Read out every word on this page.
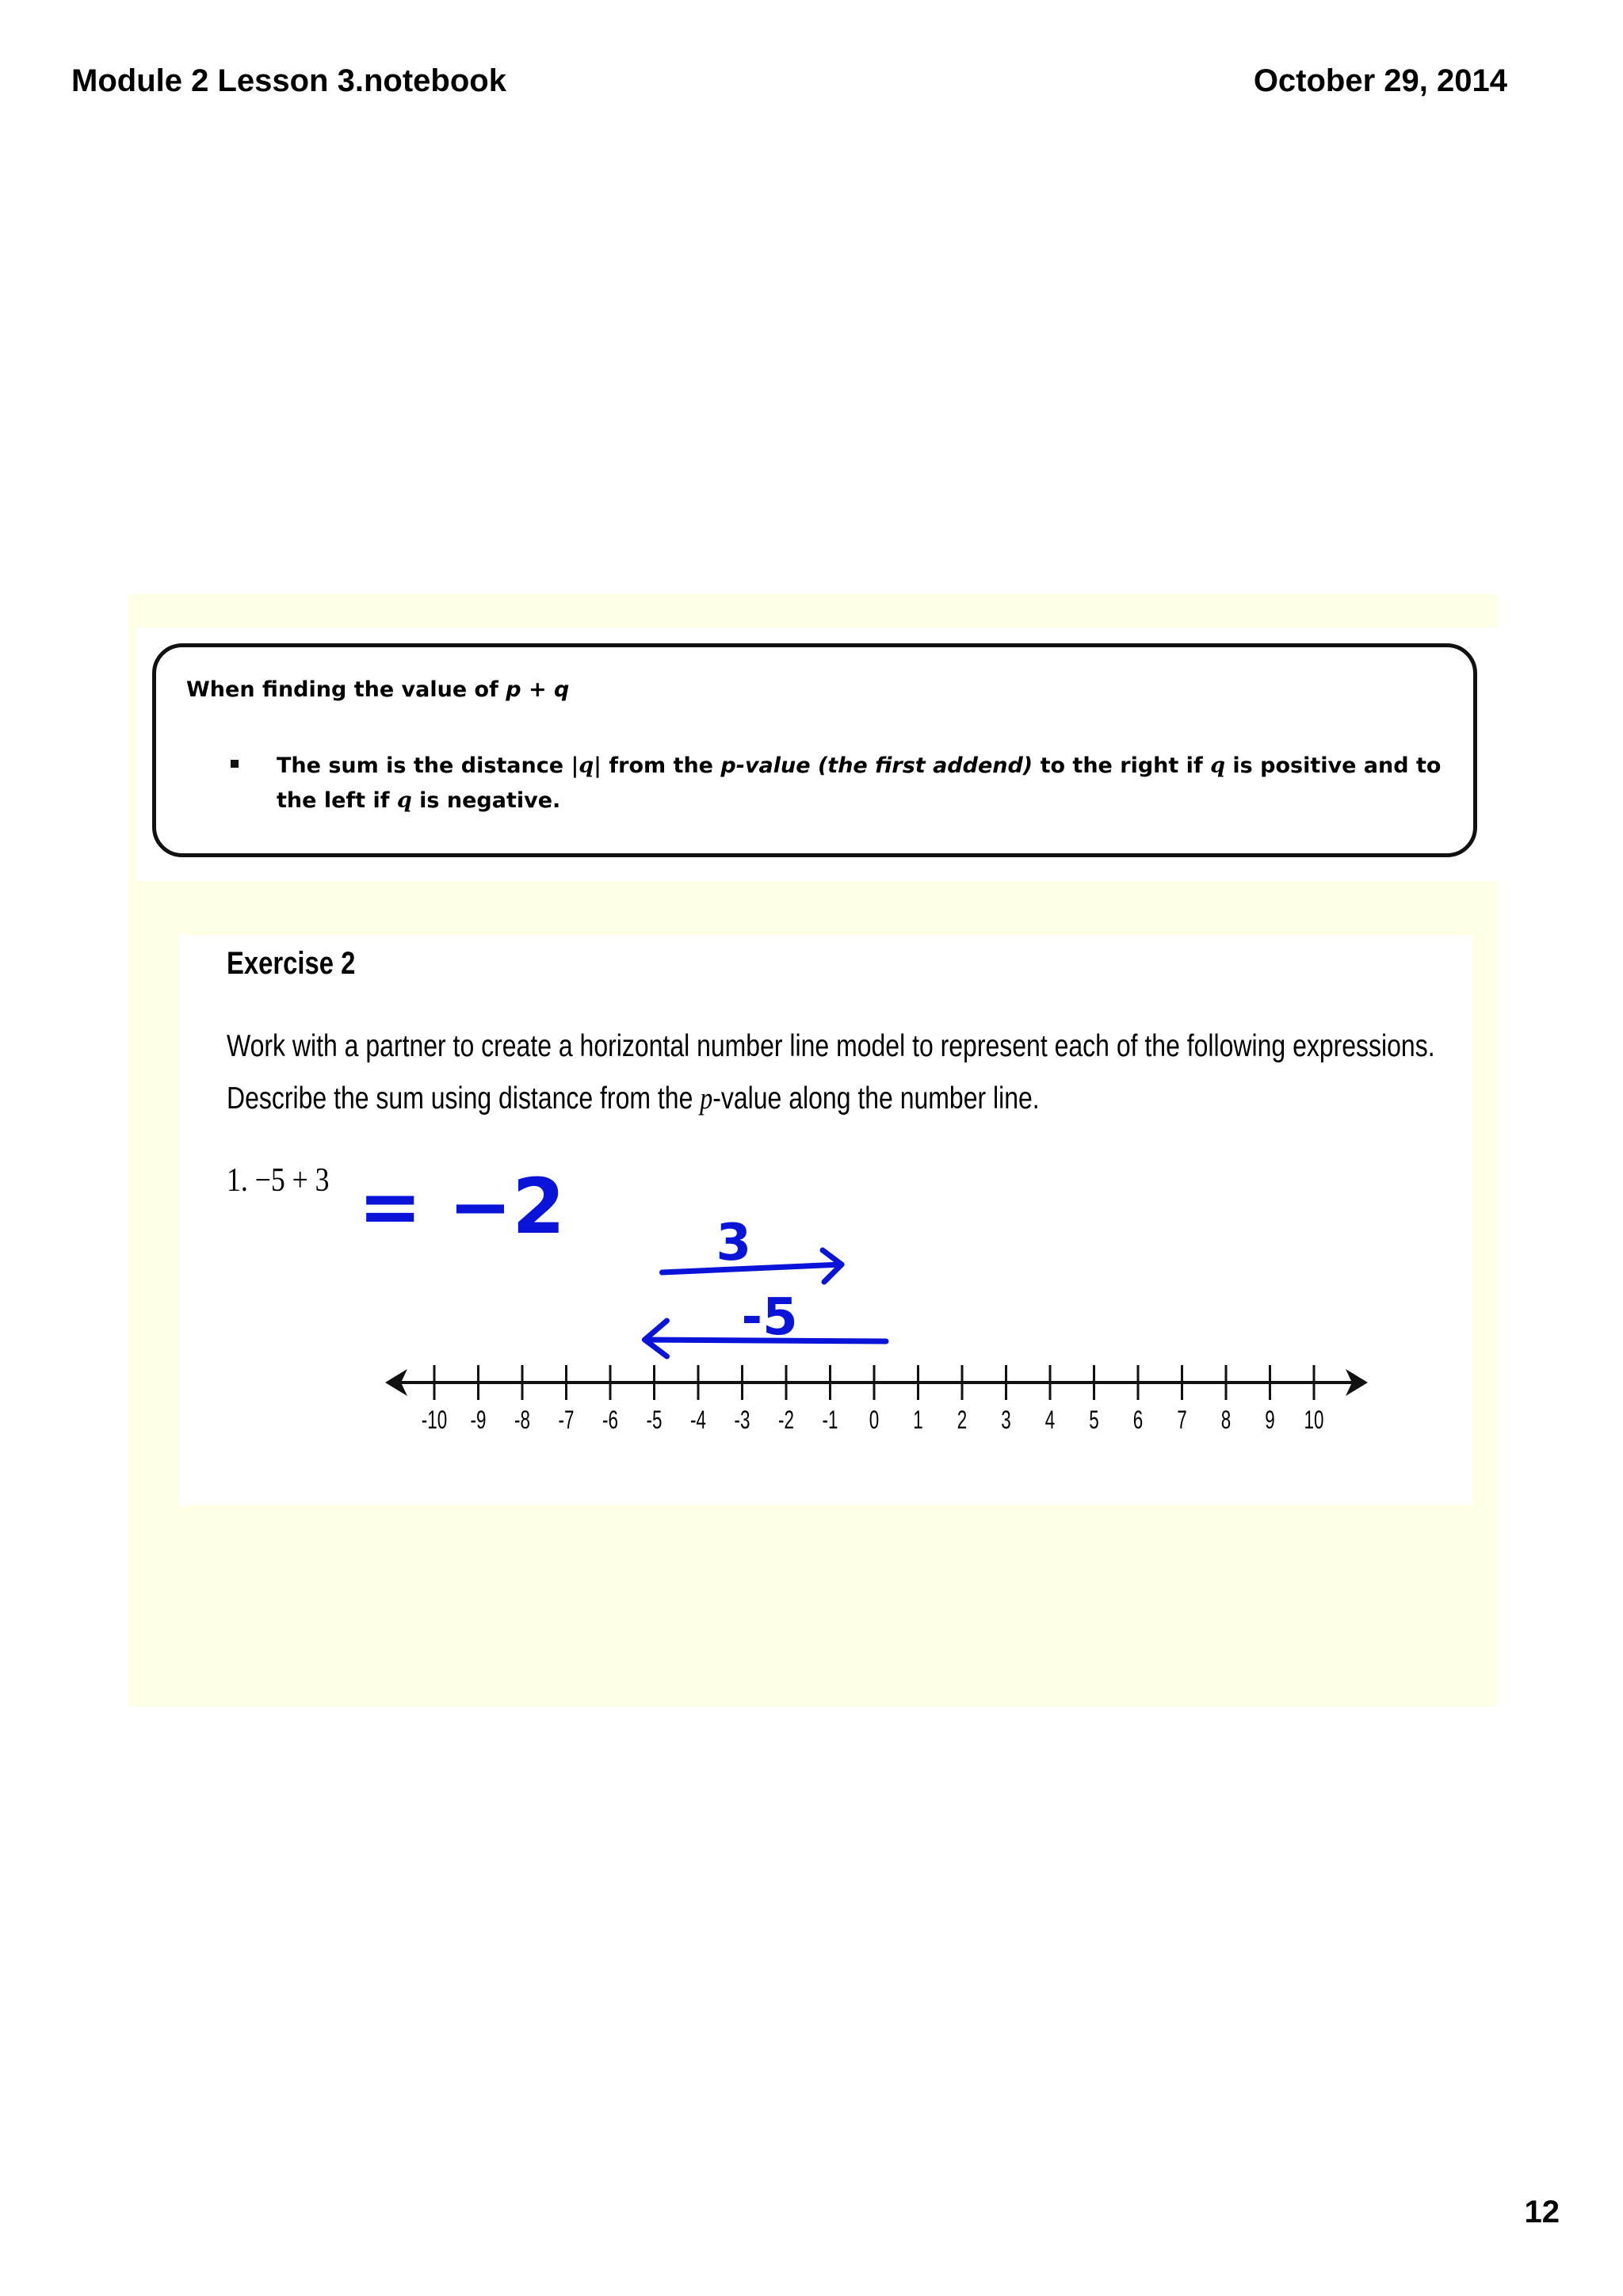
Module 2 Lesson 3.notebook	October 29, 2014
When finding the value of p + q
The sum is the distance |q| from the p-value (the first addend) to the right if q is positive and to the left if q is negative.
Exercise 2
Work with a partner to create a horizontal number line model to represent each of the following expressions. Describe the sum using distance from the p-value along the number line.
1. −5 + 3
-10 -9 -8 -7 -6 -5 -4 -3 -2 -1 0 1 2 3 4 5 6 7 8 9 10
= −2	3
-5
12
